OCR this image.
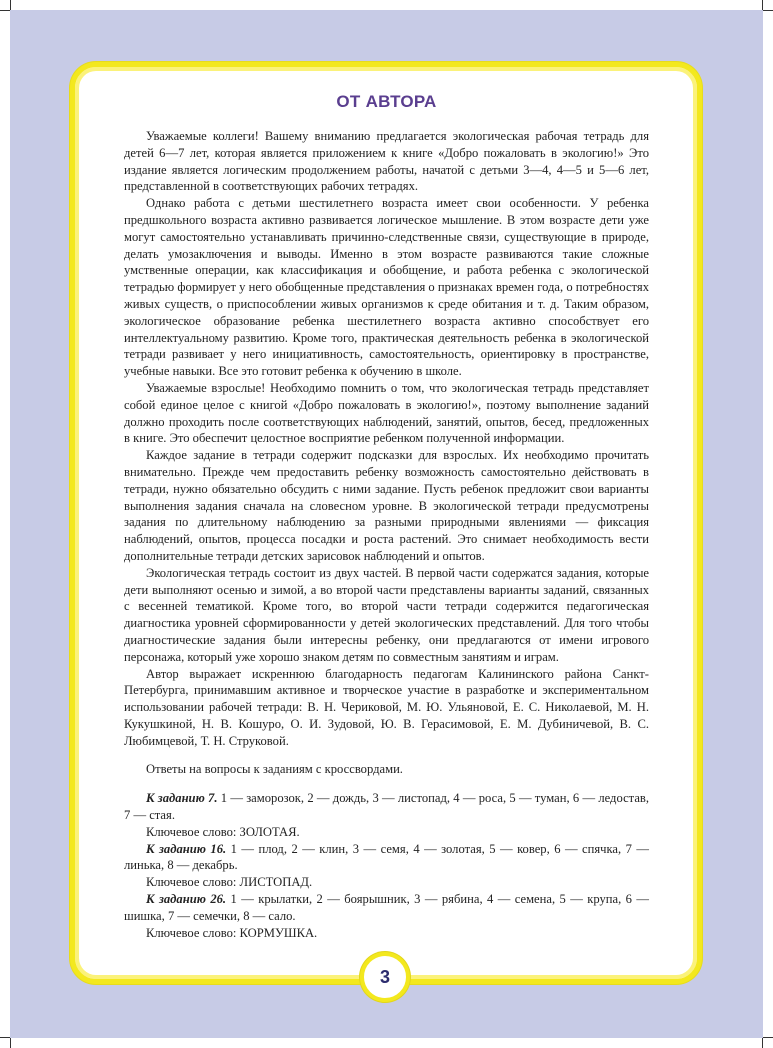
ОТ АВТОРА

Уважаемые коллеги! Вашему вниманию предлагается экологическая рабочая тетрадь для детей 6—7 лет, которая является приложением к книге «Добро пожаловать в экологию!» Это издание является логическим продолжением работы, начатой с детьми 3—4, 4—5 и 5—6 лет, представленной в соответствующих рабочих тетрадях.

Однако работа с детьми шестилетнего возраста имеет свои особенности. У ребенка предшкольного возраста активно развивается логическое мышление. В этом возрасте дети уже могут самостоятельно устанавливать причинно-следственные связи, существующие в природе, делать умозаключения и выводы. Именно в этом возрасте развиваются такие сложные умственные операции, как классификация и обобщение, и работа ребенка с экологической тетрадью формирует у него обобщенные представления о признаках времен года, о потребностях живых существ, о приспособлении живых организмов к среде обитания и т. д. Таким образом, экологическое образование ребенка шестилетнего возраста активно способствует его интеллектуальному развитию. Кроме того, практическая деятельность ребенка в экологической тетради развивает у него инициативность, самостоятельность, ориентировку в пространстве, учебные навыки. Все это готовит ребенка к обучению в школе.

Уважаемые взрослые! Необходимо помнить о том, что экологическая тетрадь представляет собой единое целое с книгой «Добро пожаловать в экологию!», поэтому выполнение заданий должно проходить после соответствующих наблюдений, занятий, опытов, бесед, предложенных в книге. Это обеспечит целостное восприятие ребенком полученной информации.

Каждое задание в тетради содержит подсказки для взрослых. Их необходимо прочитать внимательно. Прежде чем предоставить ребенку возможность самостоятельно действовать в тетради, нужно обязательно обсудить с ними задание. Пусть ребенок предложит свои варианты выполнения задания сначала на словесном уровне. В экологической тетради предусмотрены задания по длительному наблюдению за разными природными явлениями — фиксация наблюдений, опытов, процесса посадки и роста растений. Это снимает необходимость вести дополнительные тетради детских зарисовок наблюдений и опытов.

Экологическая тетрадь состоит из двух частей. В первой части содержатся задания, которые дети выполняют осенью и зимой, а во второй части представлены варианты заданий, связанных с весенней тематикой. Кроме того, во второй части тетради содержится педагогическая диагностика уровней сформированности у детей экологических представлений. Для того чтобы диагностические задания были интересны ребенку, они предлагаются от имени игрового персонажа, который уже хорошо знаком детям по совместным занятиям и играм.

Автор выражает искреннюю благодарность педагогам Калининского района Санкт-Петербурга, принимавшим активное и творческое участие в разработке и экспериментальном использовании рабочей тетради: В. Н. Чериковой, М. Ю. Ульяновой, Е. С. Николаевой, М. Н. Кукушкиной, Н. В. Кошуро, О. И. Зудовой, Ю. В. Герасимовой, Е. М. Дубиничевой, В. С. Любимцевой, Т. Н. Струковой.

Ответы на вопросы к заданиям с кроссвордами.

К заданию 7. 1 — заморозок, 2 — дождь, 3 — листопад, 4 — роса, 5 — туман, 6 — ледостав, 7 — стая.

Ключевое слово: ЗОЛОТАЯ.

К заданию 16. 1 — плод, 2 — клин, 3 — семя, 4 — золотая, 5 — ковер, 6 — спячка, 7 — линька, 8 — декабрь.

Ключевое слово: ЛИСТОПАД.

К заданию 26. 1 — крылатки, 2 — боярышник, 3 — рябина, 4 — семена, 5 — крупа, 6 — шишка, 7 — семечки, 8 — сало.

Ключевое слово: КОРМУШКА.

3
